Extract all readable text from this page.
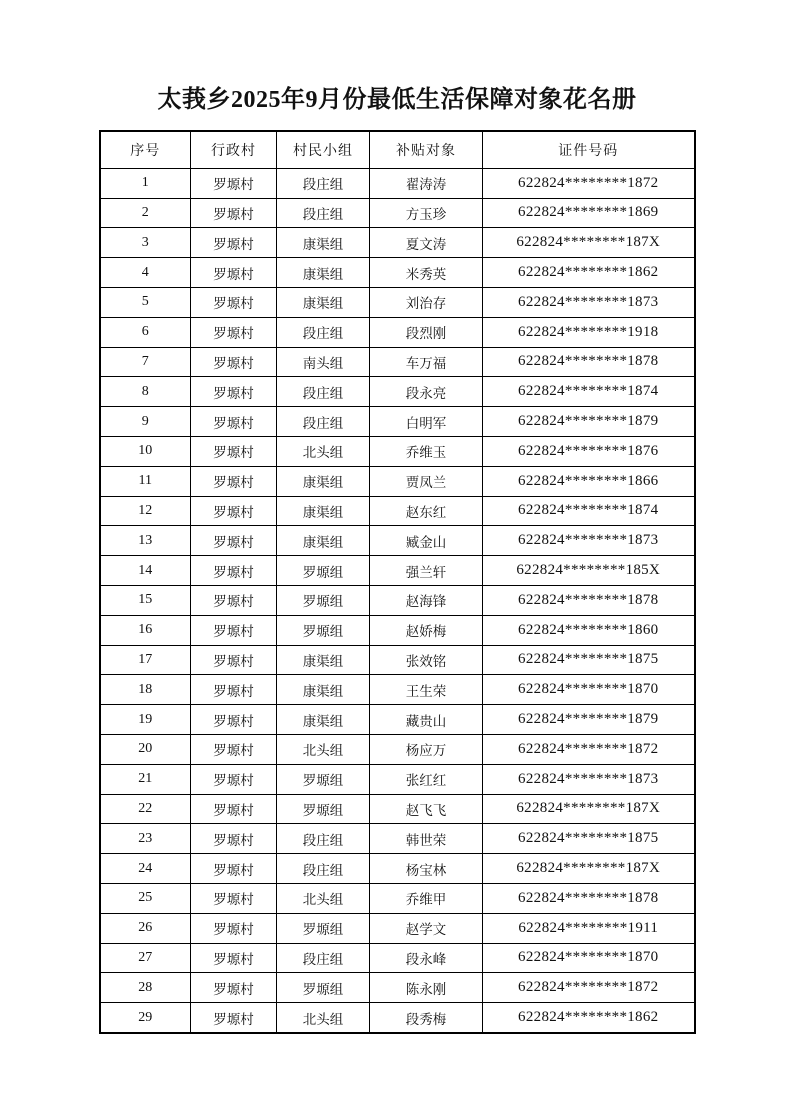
太莪乡2025年9月份最低生活保障对象花名册
序号	行政村	村民小组	补贴对象	证件号码
1	罗塬村	段庄组	翟涛涛	622824********1872
2	罗塬村	段庄组	方玉珍	622824********1869
3	罗塬村	康渠组	夏文涛	622824********187X
4	罗塬村	康渠组	米秀英	622824********1862
5	罗塬村	康渠组	刘治存	622824********1873
6	罗塬村	段庄组	段烈刚	622824********1918
7	罗塬村	南头组	车万福	622824********1878
8	罗塬村	段庄组	段永亮	622824********1874
9	罗塬村	段庄组	白明军	622824********1879
10	罗塬村	北头组	乔维玉	622824********1876
11	罗塬村	康渠组	贾凤兰	622824********1866
12	罗塬村	康渠组	赵东红	622824********1874
13	罗塬村	康渠组	臧金山	622824********1873
14	罗塬村	罗塬组	强兰轩	622824********185X
15	罗塬村	罗塬组	赵海锋	622824********1878
16	罗塬村	罗塬组	赵娇梅	622824********1860
17	罗塬村	康渠组	张效铭	622824********1875
18	罗塬村	康渠组	王生荣	622824********1870
19	罗塬村	康渠组	藏贵山	622824********1879
20	罗塬村	北头组	杨应万	622824********1872
21	罗塬村	罗塬组	张红红	622824********1873
22	罗塬村	罗塬组	赵飞飞	622824********187X
23	罗塬村	段庄组	韩世荣	622824********1875
24	罗塬村	段庄组	杨宝林	622824********187X
25	罗塬村	北头组	乔维甲	622824********1878
26	罗塬村	罗塬组	赵学文	622824********1911
27	罗塬村	段庄组	段永峰	622824********1870
28	罗塬村	罗塬组	陈永刚	622824********1872
29	罗塬村	北头组	段秀梅	622824********1862
